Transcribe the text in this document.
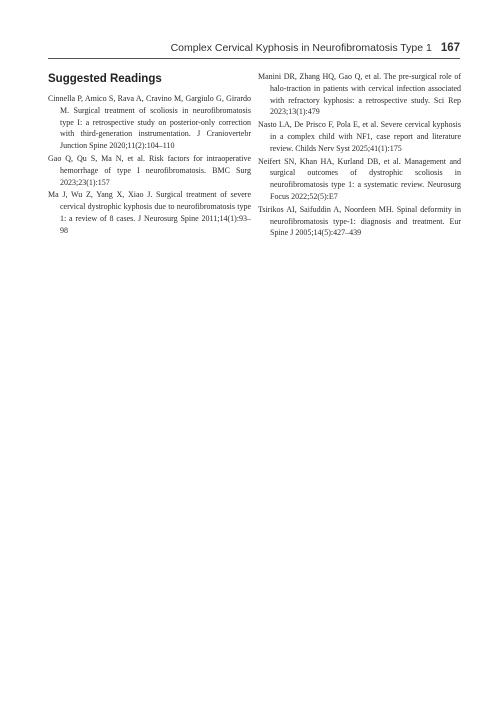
Complex Cervical Kyphosis in Neurofibromatosis Type 1 167
Suggested Readings

Cinnella P, Amico S, Rava A, Cravino M, Gargiulo G, Girardo M. Surgical treatment of scoliosis in neurofibromatosis type I: a retrospective study on posterior-only correction with third-generation instrumentation. J Craniovertebr Junction Spine 2020;11(2):104–110

Gao Q, Qu S, Ma N, et al. Risk factors for intraoperative hemorrhage of type I neurofibromatosis. BMC Surg 2023;23(1):157

Ma J, Wu Z, Yang X, Xiao J. Surgical treatment of severe cervical dystrophic kyphosis due to neurofibromatosis type 1: a review of 8 cases. J Neurosurg Spine 2011;14(1):93–98

Manini DR, Zhang HQ, Gao Q, et al. The pre-surgical role of halo-traction in patients with cervical infection associated with refractory kyphosis: a retrospective study. Sci Rep 2023;13(1):479

Nasto LA, De Prisco F, Pola E, et al. Severe cervical kyphosis in a complex child with NF1, case report and literature review. Childs Nerv Syst 2025;41(1):175

Neifert SN, Khan HA, Kurland DB, et al. Management and surgical outcomes of dystrophic scoliosis in neurofibromatosis type 1: a systematic review. Neurosurg Focus 2022;52(5):E7

Tsirikos AI, Saifuddin A, Noordeen MH. Spinal deformity in neurofibromatosis type-1: diagnosis and treatment. Eur Spine J 2005;14(5):427–439
